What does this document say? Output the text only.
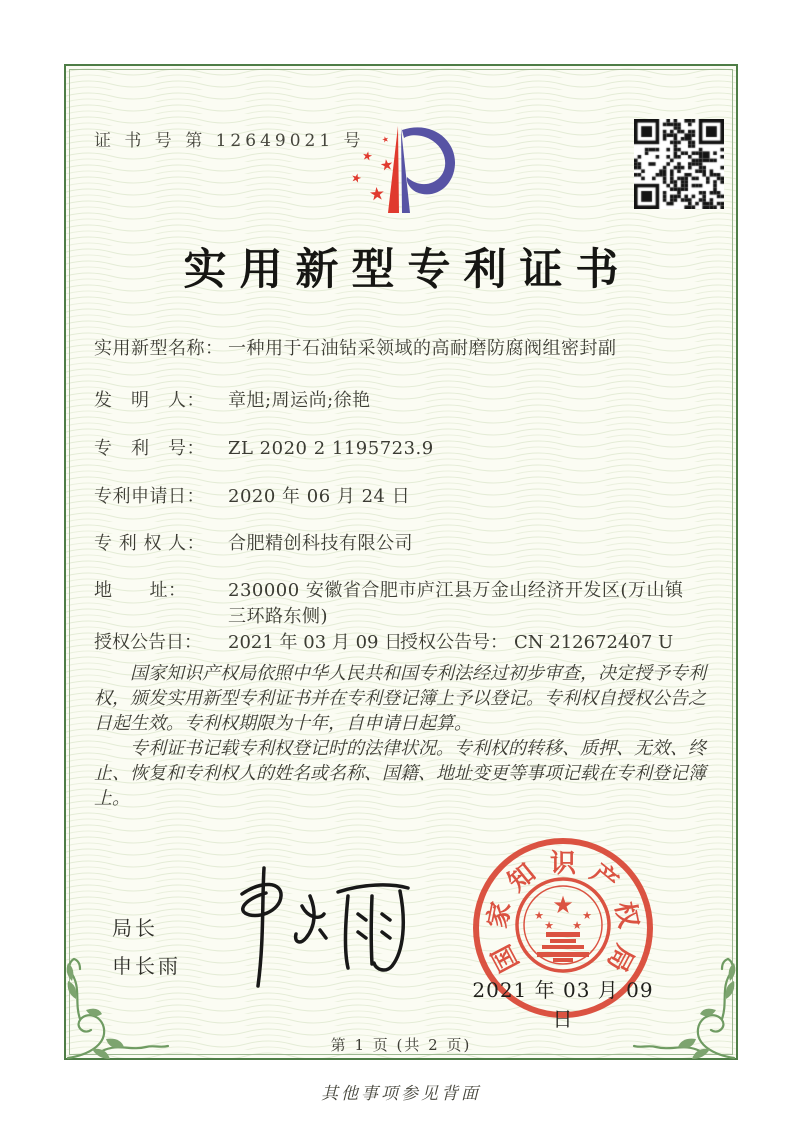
证 书 号 第 12649021 号 ★
★ ★
★
★
实用新型专利证书
实用新型名称： 一种用于石油钻采领域的高耐磨防腐阀组密封副
发　明　人：	章旭;周运尚;徐艳
专　利　号：	ZL 2020 2 1195723.9
专利申请日：	2020 年 06 月 24 日
专 利 权 人：	合肥精创科技有限公司
地　　址：	230000 安徽省合肥市庐江县万金山经济开发区(万山镇三环路东侧)
授权公告日：	2021 年 03 月 09 日
授权公告号： CN 212672407 U

国家知识产权局依照中华人民共和国专利法经过初步审查，决定授予专利权，颁发实用新型专利证书并在专利登记簿上予以登记。专利权自授权公告之日起生效。专利权期限为十年，自申请日起算。

专利证书记载专利权登记时的法律状况。专利权的转移、质押、无效、终止、恢复和专利权人的姓名或名称、国籍、地址变更等事项记载在专利登记簿上。

局长
申长雨	国
家
知 识 产
权
局
★
★	★
★ ★
2021 年 03 月 09 日
第 1 页 (共 2 页)
其他事项参见背面
